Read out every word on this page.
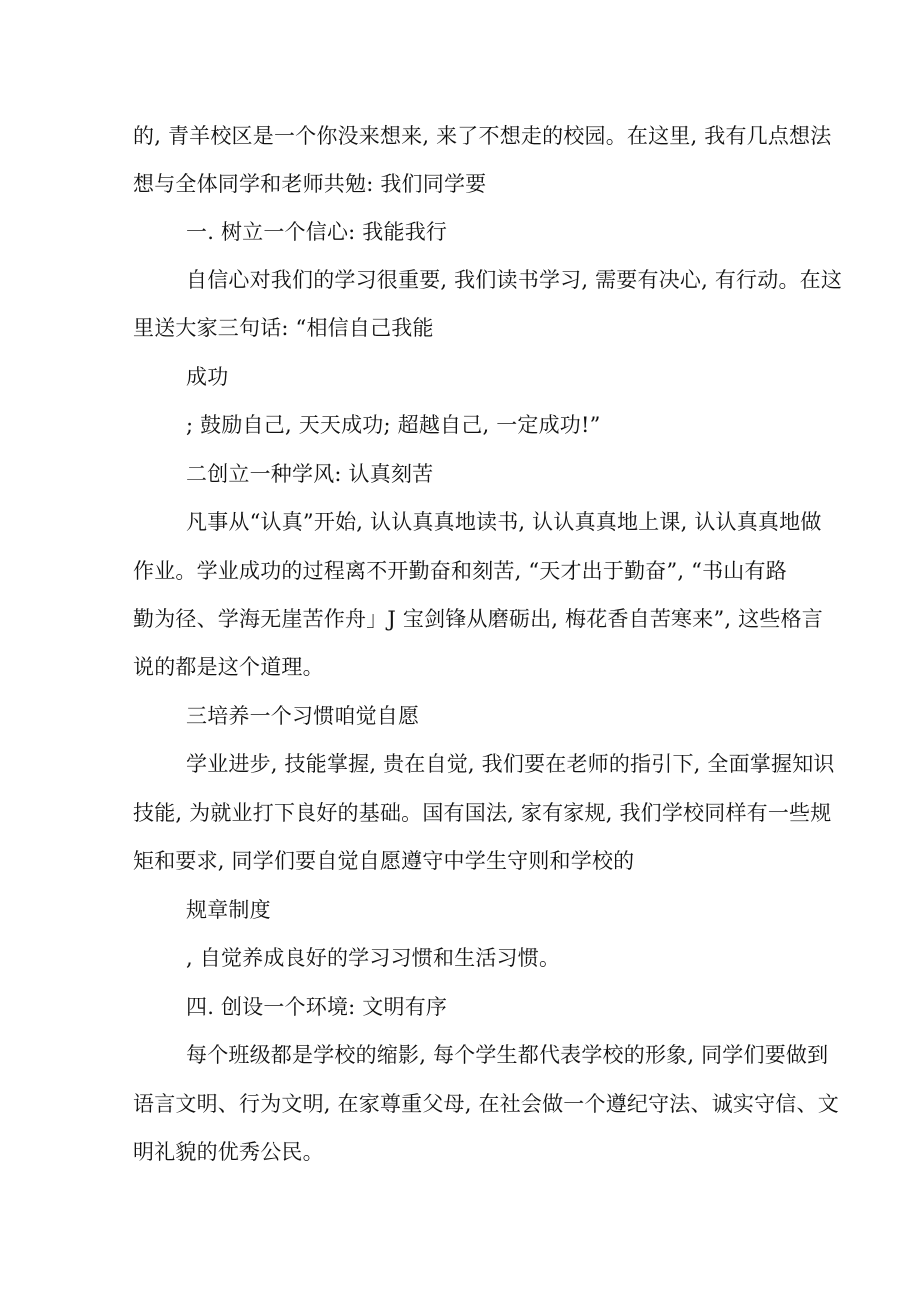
的, 青羊校区是一个你没来想来, 来了不想走的校园。在这里, 我有几点想法

想与全体同学和老师共勉: 我们同学要

一. 树立一个信心: 我能我行

自信心对我们的学习很重要, 我们读书学习, 需要有决心, 有行动。在这

里送大家三句话: “相信自己我能

成功

; 鼓励自己, 天天成功; 超越自己, 一定成功!”

二创立一种学风: 认真刻苦

凡事从“认真”开始, 认认真真地读书, 认认真真地上课, 认认真真地做

作业。学业成功的过程离不开勤奋和刻苦, “天才出于勤奋”, “书山有路

勤为径、学海无崖苦作舟」J 宝剑锋从磨砺出, 梅花香自苦寒来”, 这些格言

说的都是这个道理。

三培养一个习惯咱觉自愿

学业进步, 技能掌握, 贵在自觉, 我们要在老师的指引下, 全面掌握知识

技能, 为就业打下良好的基础。国有国法, 家有家规, 我们学校同样有一些规

矩和要求, 同学们要自觉自愿遵守中学生守则和学校的

规章制度

, 自觉养成良好的学习习惯和生活习惯。

四. 创设一个环境: 文明有序

每个班级都是学校的缩影, 每个学生都代表学校的形象, 同学们要做到

语言文明、行为文明, 在家尊重父母, 在社会做一个遵纪守法、诚实守信、文

明礼貌的优秀公民。
